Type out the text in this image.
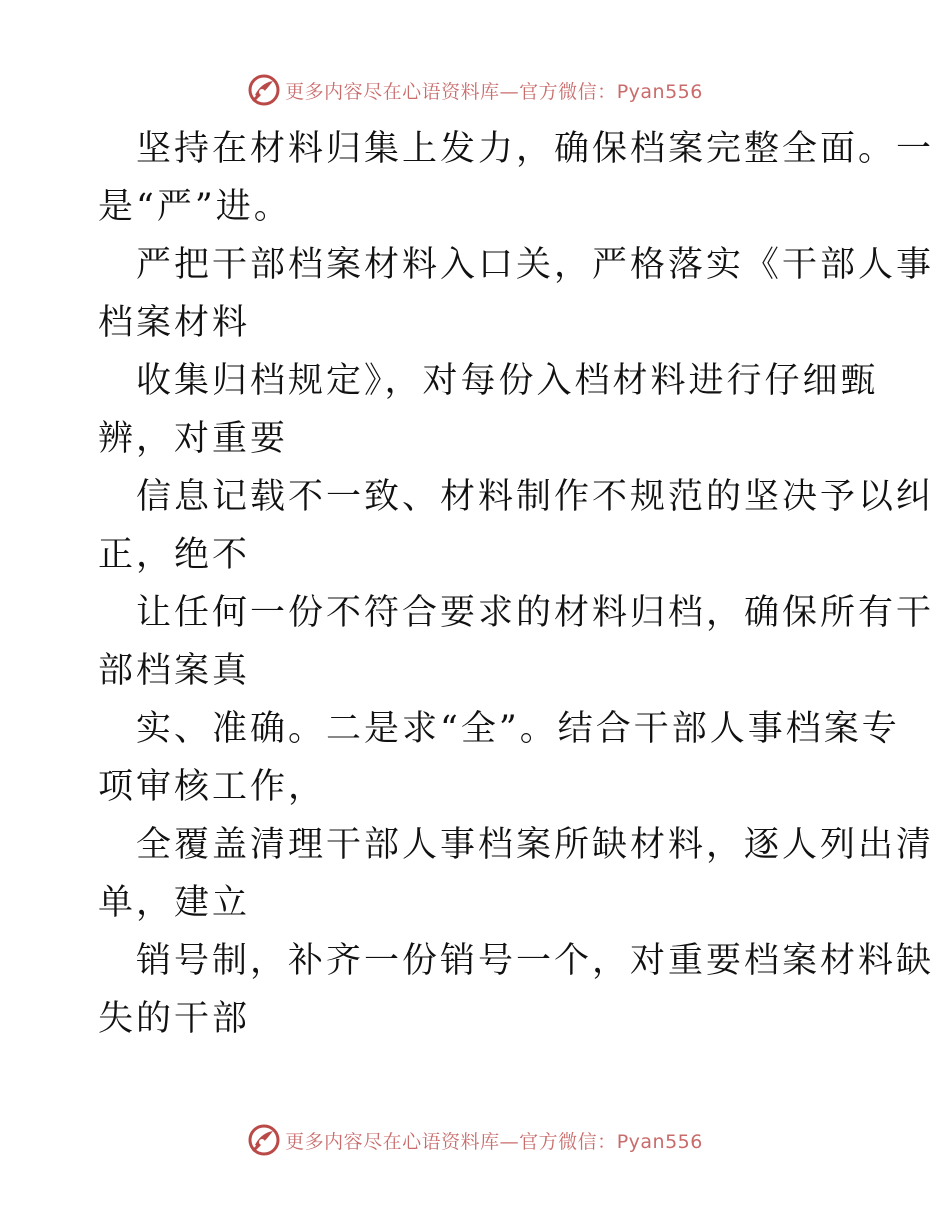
更多内容尽在心语资料库—官方微信：Pyan556
坚持在材料归集上发力，确保档案完整全面。一
是“严”进。
严把干部档案材料入口关，严格落实《干部人事
档案材料
收集归档规定》，对每份入档材料进行仔细甄
辨，对重要
信息记载不一致、材料制作不规范的坚决予以纠
正，绝不
让任何一份不符合要求的材料归档，确保所有干
部档案真
实、准确。二是求“全”。结合干部人事档案专
项审核工作，
全覆盖清理干部人事档案所缺材料，逐人列出清
单，建立
销号制，补齐一份销号一个，对重要档案材料缺
失的干部
更多内容尽在心语资料库—官方微信：Pyan556
